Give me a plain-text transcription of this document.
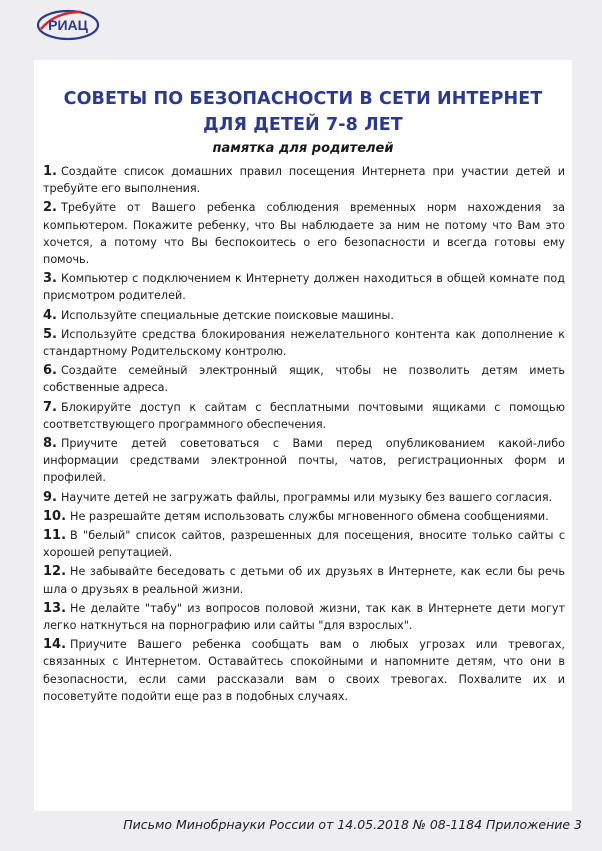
РИАЦ
СОВЕТЫ ПО БЕЗОПАСНОСТИ В СЕТИ ИНТЕРНЕТ
ДЛЯ ДЕТЕЙ 7-8 ЛЕТ
памятка для родителей
1. Создайте список домашних правил посещения Интернета при участии детей и требуйте его выполнения.
2. Требуйте от Вашего ребенка соблюдения временных норм нахождения за компьютером. Покажите ребенку, что Вы наблюдаете за ним не потому что Вам это хочется, а потому что Вы беспокоитесь о его безопасности и всегда готовы ему помочь.
3. Компьютер с подключением к Интернету должен находиться в общей комнате под присмотром родителей.
4. Используйте специальные детские поисковые машины.
5. Используйте средства блокирования нежелательного контента как дополнение к стандартному Родительскому контролю.
6. Создайте семейный электронный ящик, чтобы не позволить детям иметь собственные адреса.
7. Блокируйте доступ к сайтам с бесплатными почтовыми ящиками с помощью соответствующего программного обеспечения.
8. Приучите детей советоваться с Вами перед опубликованием какой-либо информации средствами электронной почты, чатов, регистрационных форм и профилей.
9. Научите детей не загружать файлы, программы или музыку без вашего согласия.
10. Не разрешайте детям использовать службы мгновенного обмена сообщениями.
11. В "белый" список сайтов, разрешенных для посещения, вносите только сайты с хорошей репутацией.
12. Не забывайте беседовать с детьми об их друзьях в Интернете, как если бы речь шла о друзьях в реальной жизни.
13. Не делайте "табу" из вопросов половой жизни, так как в Интернете дети могут легко наткнуться на порнографию или сайты "для взрослых".
14. Приучите Вашего ребенка сообщать вам о любых угрозах или тревогах, связанных с Интернетом. Оставайтесь спокойными и напомните детям, что они в безопасности, если сами рассказали вам о своих тревогах. Похвалите их и посоветуйте подойти еще раз в подобных случаях.
Письмо Минобрнауки России от 14.05.2018 № 08-1184 Приложение 3
